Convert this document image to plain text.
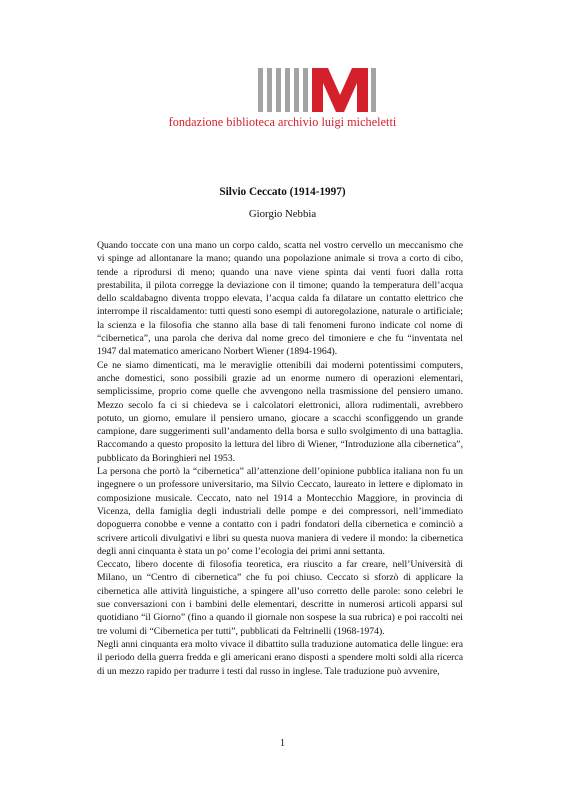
fondazione biblioteca archivio luigi micheletti
Silvio Ceccato (1914-1997)

Giorgio Nebbia

Quando toccate con una mano un corpo caldo, scatta nel vostro cervello un meccanismo che vi spinge ad allontanare la mano; quando una popolazione animale si trova a corto di cibo, tende a riprodursi di meno; quando una nave viene spinta dai venti fuori dalla rotta prestabilita, il pilota corregge la deviazione con il timone; quando la temperatura dell’acqua dello scaldabagno diventa troppo elevata, l’acqua calda fa dilatare un contatto elettrico che interrompe il riscaldamento: tutti questi sono esempi di autoregolazione, naturale o artificiale; la scienza e la filosofia che stanno alla base di tali fenomeni furono indicate col nome di “cibernetica”, una parola che deriva dal nome greco del timoniere e che fu “inventata nel 1947 dal matematico americano Norbert Wiener (1894-1964).

Ce ne siamo dimenticati, ma le meraviglie ottenibili dai moderni potentissimi computers, anche domestici, sono possibili grazie ad un enorme numero di operazioni elementari, semplicissime, proprio come quelle che avvengono nella trasmissione del pensiero umano. Mezzo secolo fa ci si chiedeva se i calcolatori elettronici, allora rudimentali, avrebbero potuto, un giorno, emulare il pensiero umano, giocare a scacchi sconfiggendo un grande campione, dare suggerimenti sull’andamento della borsa e sullo svolgimento di una battaglia. Raccomando a questo proposito la lettura del libro di Wiener, “Introduzione alla cibernetica”, pubblicato da Boringhieri nel 1953.

La persona che portò la “cibernetica” all’attenzione dell’opinione pubblica italiana non fu un ingegnere o un professore universitario, ma Silvio Ceccato, laureato in lettere e diplomato in composizione musicale. Ceccato, nato nel 1914 a Montecchio Maggiore, in provincia di Vicenza, della famiglia degli industriali delle pompe e dei compressori, nell’immediato dopoguerra conobbe e venne a contatto con i padri fondatori della cibernetica e cominciò a scrivere articoli divulgativi e libri su questa nuova maniera di vedere il mondo: la cibernetica degli anni cinquanta è stata un po’ come l’ecologia dei primi anni settanta.

Ceccato, libero docente di filosofia teoretica, era riuscito a far creare, nell’Università di Milano, un “Centro di cibernetica” che fu poi chiuso. Ceccato si sforzò di applicare la cibernetica alle attività linguistiche, a spingere all’uso corretto delle parole: sono celebri le sue conversazioni con i bambini delle elementari, descritte in numerosi articoli apparsi sul quotidiano “il Giorno” (fino a quando il giornale non sospese la sua rubrica) e poi raccolti nei tre volumi di “Cibernetica per tutti”, pubblicati da Feltrinelli (1968-1974).

Negli anni cinquanta era molto vivace il dibattito sulla traduzione automatica delle lingue: era il periodo della guerra fredda e gli americani erano disposti a spendere molti soldi alla ricerca di un mezzo rapido per tradurre i testi dal russo in inglese. Tale traduzione può avvenire,

1
